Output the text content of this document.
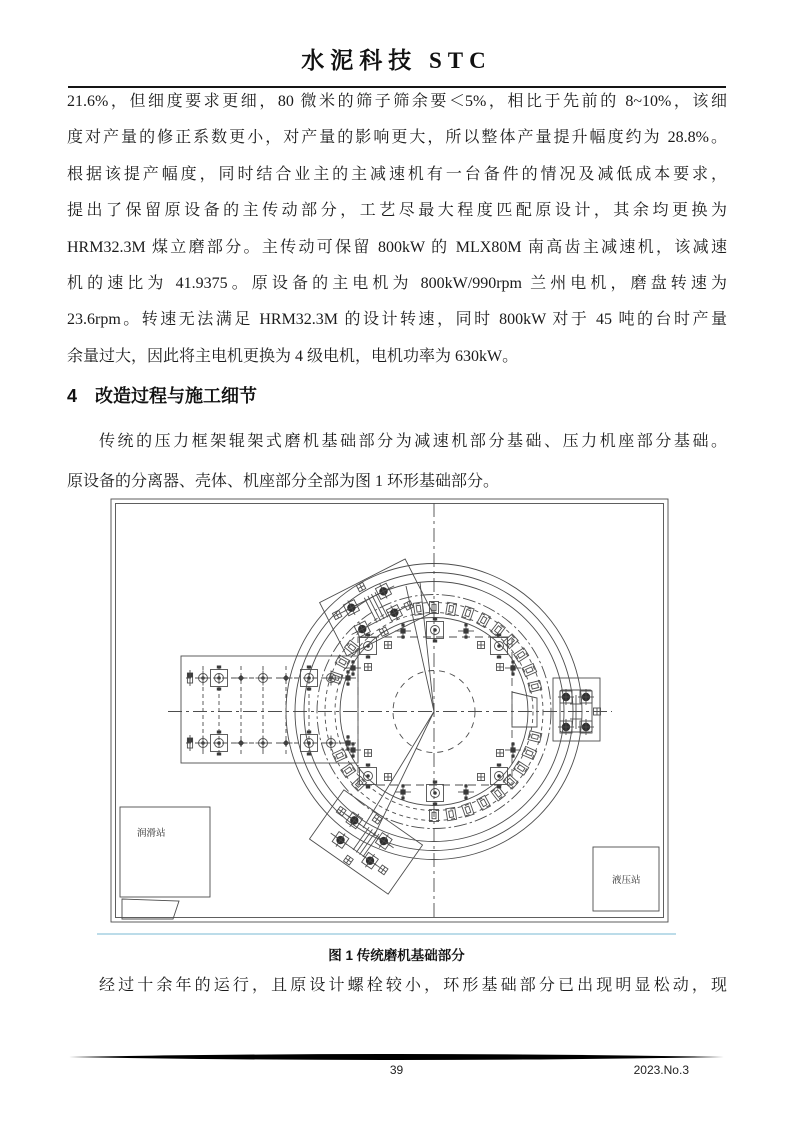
水泥科技 STC
21.6%，但细度要求更细，80 微米的筛子筛余要＜5%，相比于先前的 8~10%，该细
度对产量的修正系数更小，对产量的影响更大，所以整体产量提升幅度约为 28.8%。
根据该提产幅度，同时结合业主的主减速机有一台备件的情况及减低成本要求，
提出了保留原设备的主传动部分，工艺尽最大程度匹配原设计，其余均更换为
HRM32.3M 煤立磨部分。主传动可保留 800kW 的 MLX80M 南高齿主减速机，该减速
机的速比为 41.9375。原设备的主电机为 800kW/990rpm 兰州电机，磨盘转速为
23.6rpm。转速无法满足 HRM32.3M 的设计转速，同时 800kW 对于 45 吨的台时产量
余量过大，因此将主电机更换为 4 级电机，电机功率为 630kW。
4 改造过程与施工细节
传统的压力框架辊架式磨机基础部分为减速机部分基础、压力机座部分基础。
原设备的分离器、壳体、机座部分全部为图 1 环形基础部分。
润滑站
液压站
图 1 传统磨机基础部分
经过十余年的运行，且原设计螺栓较小，环形基础部分已出现明显松动，现
39	2023.No.3
